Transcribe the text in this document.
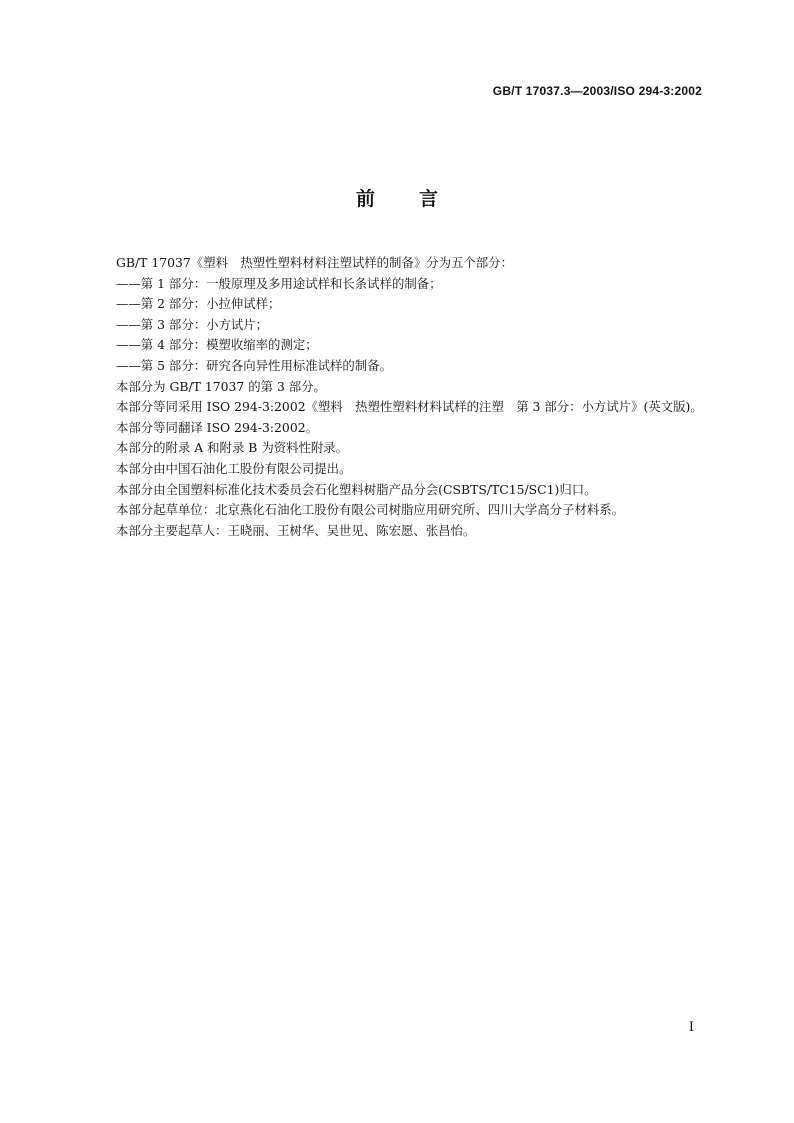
GB/T 17037.3—2003/ISO 294-3:2002
前 言

GB/T 17037《塑料　热塑性塑料材料注塑试样的制备》分为五个部分：

——第 1 部分：一般原理及多用途试样和长条试样的制备；

——第 2 部分：小拉伸试样；

——第 3 部分：小方试片；

——第 4 部分：模塑收缩率的测定；

——第 5 部分：研究各向异性用标准试样的制备。

本部分为 GB/T 17037 的第 3 部分。

本部分等同采用 ISO 294-3:2002《塑料　热塑性塑料材料试样的注塑　第 3 部分：小方试片》(英文版)。

本部分等同翻译 ISO 294-3:2002。

本部分的附录 A 和附录 B 为资料性附录。

本部分由中国石油化工股份有限公司提出。

本部分由全国塑料标准化技术委员会石化塑料树脂产品分会(CSBTS/TC15/SC1)归口。

本部分起草单位：北京燕化石油化工股份有限公司树脂应用研究所、四川大学高分子材料系。

本部分主要起草人：王晓丽、王树华、吴世见、陈宏愿、张昌怡。

I
